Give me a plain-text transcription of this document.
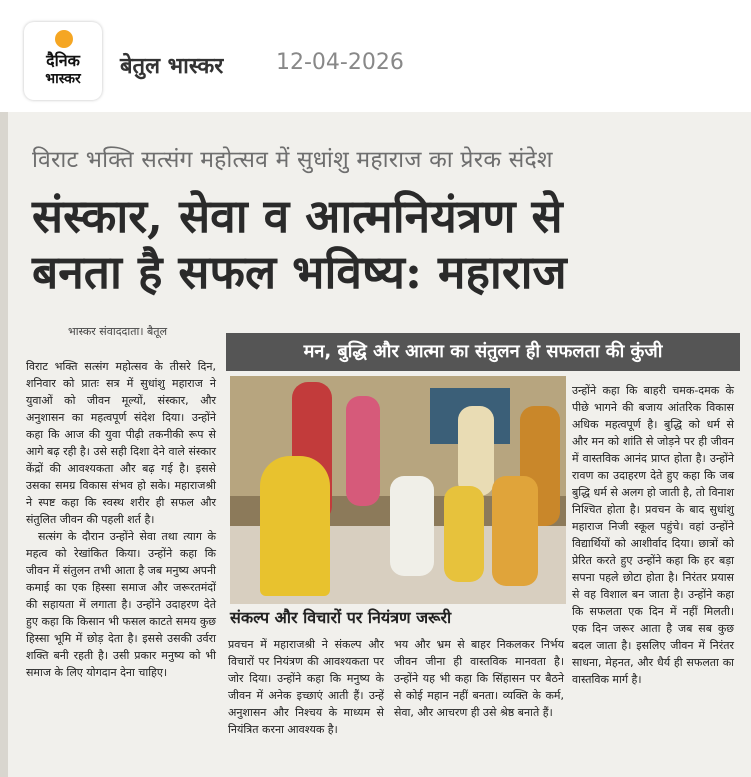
दैनिक
भास्कर	बेतुल भास्कर 12-04-2026
विराट भक्ति सत्संग महोत्सव में सुधांशु महाराज का प्रेरक संदेश
संस्कार, सेवा व आत्मनियंत्रण से
बनता है सफल भविष्य: महाराज
भास्कर संवाददाता। बैतूल
मन, बुद्धि और आत्मा का संतुलन ही सफलता की कुंजी

विराट भक्ति सत्संग महोत्सव के तीसरे दिन, शनिवार को प्रातः सत्र में सुधांशु महाराज ने युवाओं को जीवन मूल्यों, संस्कार, और अनुशासन का महत्वपूर्ण संदेश दिया। उन्होंने कहा कि आज की युवा पीढ़ी तकनीकी रूप से आगे बढ़ रही है। उसे सही दिशा देने वाले संस्कार केंद्रों की आवश्यकता और बढ़ गई है। इससे उसका समग्र विकास संभव हो सके। महाराजश्री ने स्पष्ट कहा कि स्वस्थ शरीर ही सफल और संतुलित जीवन की पहली शर्त है।

सत्संग के दौरान उन्होंने सेवा तथा त्याग के महत्व को रेखांकित किया। उन्होंने कहा कि जीवन में संतुलन तभी आता है जब मनुष्य अपनी कमाई का एक हिस्सा समाज और जरूरतमंदों की सहायता में लगाता है। उन्होंने उदाहरण देते हुए कहा कि किसान भी फसल काटते समय कुछ हिस्सा भूमि में छोड़ देता है। इससे उसकी उर्वरा शक्ति बनी रहती है। उसी प्रकार मनुष्य को भी समाज के लिए योगदान देना चाहिए।

उन्होंने कहा कि बाहरी चमक-दमक के पीछे भागने की बजाय आंतरिक विकास अधिक महत्वपूर्ण है। बुद्धि को धर्म से और मन को शांति से जोड़ने पर ही जीवन में वास्तविक आनंद प्राप्त होता है। उन्होंने रावण का उदाहरण देते हुए कहा कि जब बुद्धि धर्म से अलग हो जाती है, तो विनाश निश्चित होता है। प्रवचन के बाद सुधांशु महाराज निजी स्कूल पहुंचे। वहां उन्होंने विद्यार्थियों को आशीर्वाद दिया। छात्रों को प्रेरित करते हुए उन्होंने कहा कि हर बड़ा सपना पहले छोटा होता है। निरंतर प्रयास से वह विशाल बन जाता है। उन्होंने कहा कि सफलता एक दिन में नहीं मिलती। एक दिन जरूर आता है जब सब कुछ बदल जाता है। इसलिए जीवन में निरंतर साधना, मेहनत, और धैर्य ही सफलता का वास्तविक मार्ग है।
संकल्प और विचारों पर नियंत्रण जरूरी
प्रवचन में महाराजश्री ने संकल्प और विचारों पर नियंत्रण की आवश्यकता पर जोर दिया। उन्होंने कहा कि मनुष्य के जीवन में अनेक इच्छाएं आती हैं। उन्हें अनुशासन और निश्चय के माध्यम से नियंत्रित करना आवश्यक है।
भय और भ्रम से बाहर निकलकर निर्भय जीवन जीना ही वास्तविक मानवता है। उन्होंने यह भी कहा कि सिंहासन पर बैठने से कोई महान नहीं बनता। व्यक्ति के कर्म, सेवा, और आचरण ही उसे श्रेष्ठ बनाते हैं।
